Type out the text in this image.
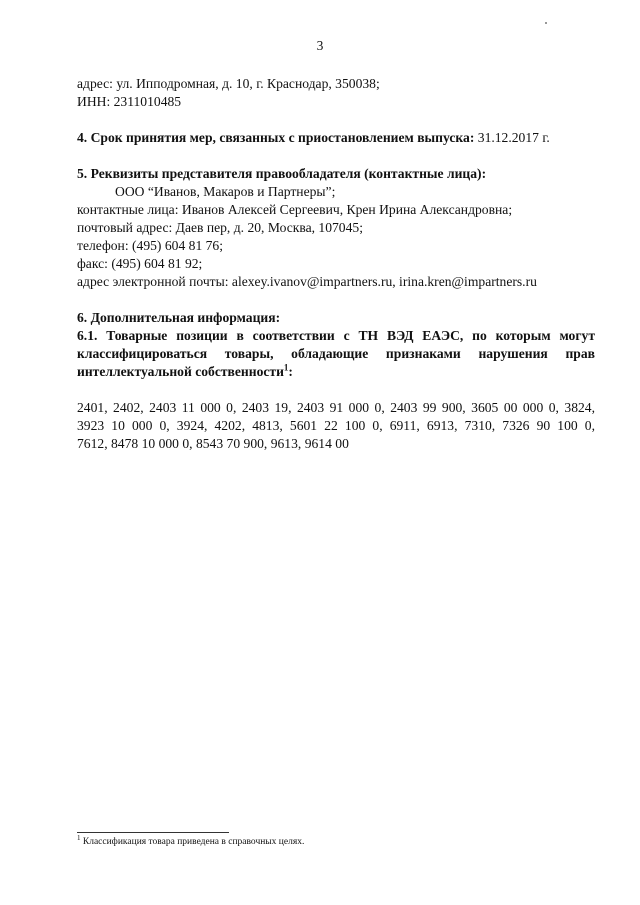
3
адрес: ул. Ипподромная, д. 10, г. Краснодар, 350038;
ИНН: 2311010485
4. Срок принятия мер, связанных с приостановлением выпуска: 31.12.2017 г.
5. Реквизиты представителя правообладателя (контактные лица):
ООО “Иванов, Макаров и Партнеры”;
контактные лица: Иванов Алексей Сергеевич, Крен Ирина Александровна;
почтовый адрес: Даев пер, д. 20, Москва, 107045;
телефон: (495) 604 81 76;
факс: (495) 604 81 92;
адрес электронной почты: alexey.ivanov@impartners.ru, irina.kren@impartners.ru
6. Дополнительная информация:
6.1. Товарные позиции в соответствии с ТН ВЭД ЕАЭС, по которым могут
классифицироваться товары, обладающие признаками нарушения прав
интеллектуальной собственности$^1$:
2401, 2402, 2403 11 000 0, 2403 19, 2403 91 000 0, 2403 99 900, 3605 00 000 0, 3824,
3923 10 000 0, 3924, 4202, 4813, 5601 22 100 0, 6911, 6913, 7310, 7326 90 100 0,
7612, 8478 10 000 0, 8543 70 900, 9613, 9614 00
$^1$ Классификация товара приведена в справочных целях.
